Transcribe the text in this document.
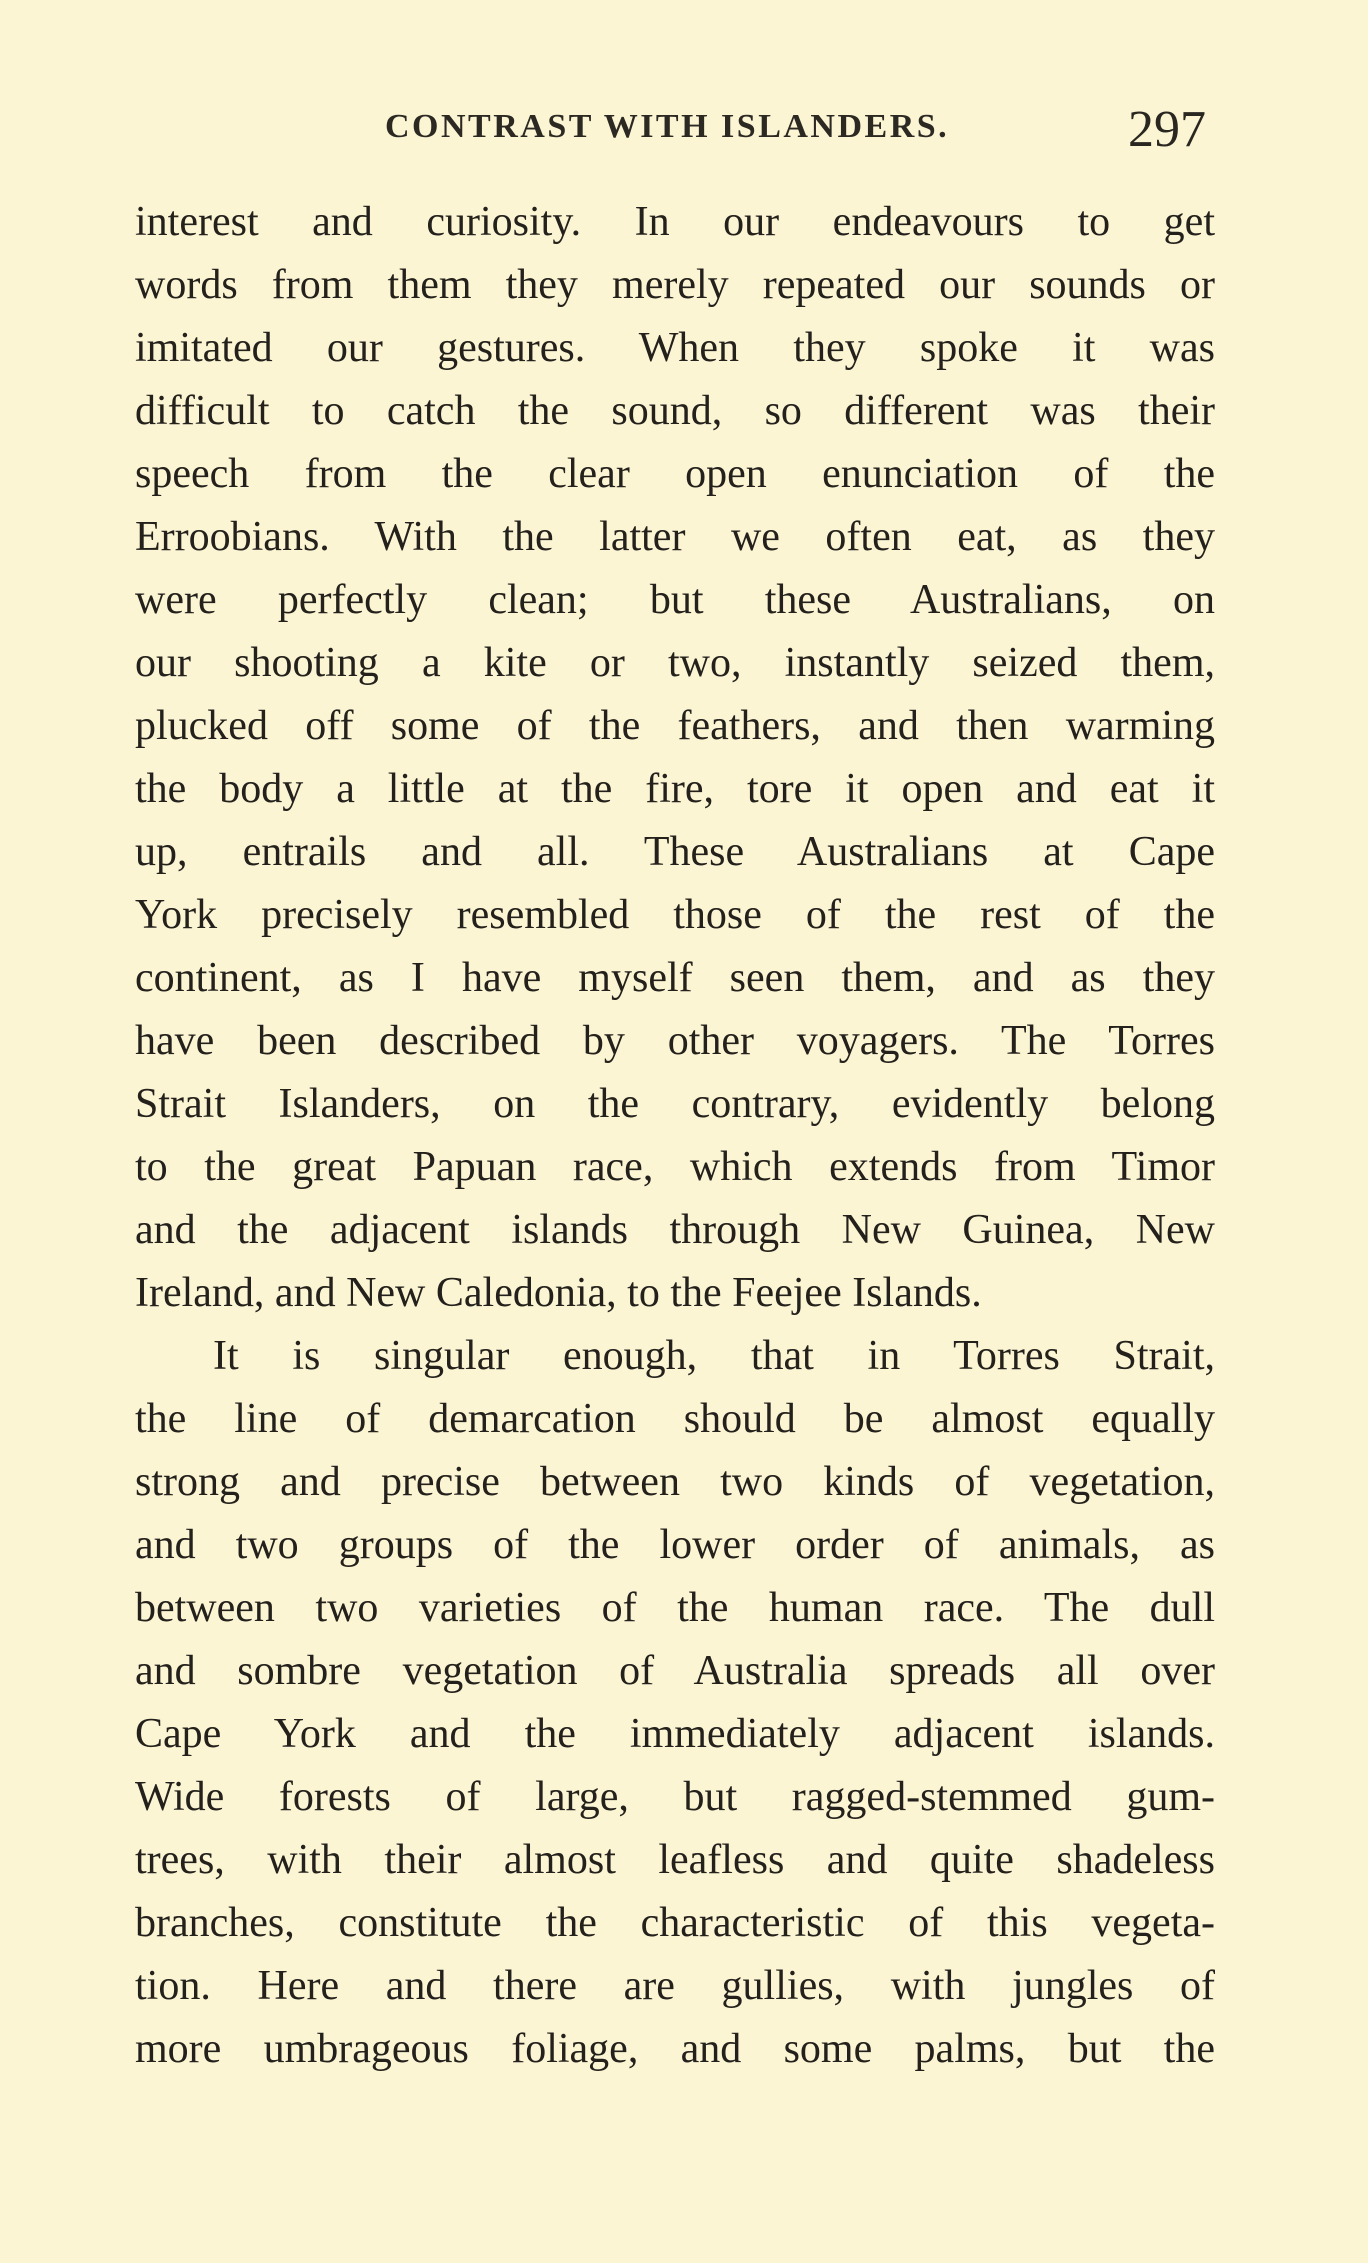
CONTRAST WITH ISLANDERS.	297
interest and curiosity. In our endeavours to get
words from them they merely repeated our sounds or
imitated our gestures. When they spoke it was
difficult to catch the sound, so different was their
speech from the clear open enunciation of the
Erroobians. With the latter we often eat, as they
were perfectly clean; but these Australians, on
our shooting a kite or two, instantly seized them,
plucked off some of the feathers, and then warming
the body a little at the fire, tore it open and eat it
up, entrails and all. These Australians at Cape
York precisely resembled those of the rest of the
continent, as I have myself seen them, and as they
have been described by other voyagers. The Torres
Strait Islanders, on the contrary, evidently belong
to the great Papuan race, which extends from Timor
and the adjacent islands through New Guinea, New
Ireland, and New Caledonia, to the Feejee Islands.
It is singular enough, that in Torres Strait,
the line of demarcation should be almost equally
strong and precise between two kinds of vegetation,
and two groups of the lower order of animals, as
between two varieties of the human race. The dull
and sombre vegetation of Australia spreads all over
Cape York and the immediately adjacent islands.
Wide forests of large, but ragged-stemmed gum-
trees, with their almost leafless and quite shadeless
branches, constitute the characteristic of this vegeta-
tion. Here and there are gullies, with jungles of
more umbrageous foliage, and some palms, but the
